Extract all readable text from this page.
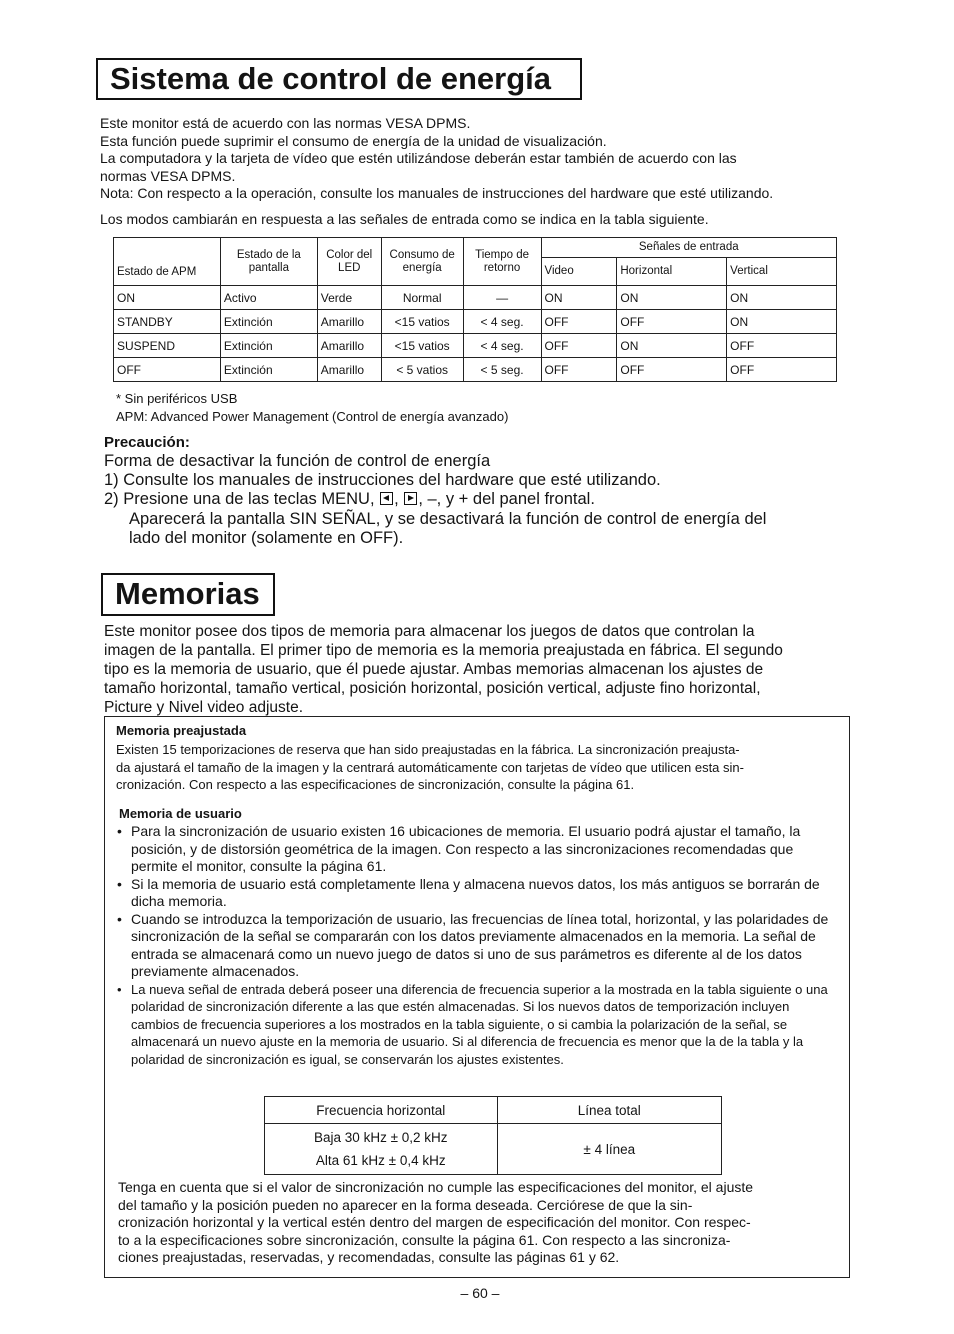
Sistema de control de energía
Este monitor está de acuerdo con las normas VESA DPMS.
Esta función puede suprimir el consumo de energía de la unidad de visualización.
La computadora y la tarjeta de vídeo que estén utilizándose deberán estar también de acuerdo con las
normas VESA DPMS.
Nota: Con respecto a la operación, consulte los manuales de instrucciones del hardware que esté utilizando.
Los modos cambiarán en respuesta a las señales de entrada como se indica en la tabla siguiente.
Estado de APM	Estado de la pantalla	Color del LED	Consumo de energía	Tiempo de retorno	Señales de entrada		
					Video	Horizontal	Vertical
ON	Activo	Verde	Normal	—	ON	ON	ON
STANDBY	Extinción	Amarillo	<15 vatios	< 4 seg.	OFF	OFF	ON
SUSPEND	Extinción	Amarillo	<15 vatios	< 4 seg.	OFF	ON	OFF
OFF	Extinción	Amarillo	< 5 vatios	< 5 seg.	OFF	OFF	OFF
* Sin periféricos USB
APM: Advanced Power Management (Control de energía avanzado)
Precaución:
Forma de desactivar la función de control de energía
1) Consulte los manuales de instrucciones del hardware que esté utilizando.
2) Presione una de las teclas MENU, , , –, y + del panel frontal.
Aparecerá la pantalla SIN SEÑAL, y se desactivará la función de control de energía del
lado del monitor (solamente en OFF).
Memorias
Este monitor posee dos tipos de memoria para almacenar los juegos de datos que controlan la
imagen de la pantalla. El primer tipo de memoria es la memoria preajustada en fábrica. El segundo
tipo es la memoria de usuario, que él puede ajustar. Ambas memorias almacenan los ajustes de
tamaño horizontal, tamaño vertical, posición horizontal, posición vertical, adjuste fino horizontal,
Picture y Nivel video adjuste.
Memoria preajustada
Existen 15 temporizaciones de reserva que han sido preajustadas en la fábrica. La sincronización preajusta-
da ajustará el tamaño de la imagen y la centrará automáticamente con tarjetas de vídeo que utilicen esta sin-
cronización. Con respecto a las especificaciones de sincronización, consulte la página 61.
Memoria de usuario
• Para la sincronización de usuario existen 16 ubicaciones de memoria. El usuario podrá ajustar el tamaño, la posición, y de distorsión geométrica de la imagen. Con respecto a las sincronizaciones recomendadas que permite el monitor, consulte la página 61.
• Si la memoria de usuario está completamente llena y almacena nuevos datos, los más antiguos se borrarán de dicha memoria.
• Cuando se introduzca la temporización de usuario, las frecuencias de línea total, horizontal, y las polaridades de sincronización de la señal se compararán con los datos previamente almacenados en la memoria. La señal de entrada se almacenará como un nuevo juego de datos si uno de sus parámetros es diferente al de los datos previamente almacenados.
• La nueva señal de entrada deberá poseer una diferencia de frecuencia superior a la mostrada en la tabla siguiente o una polaridad de sincronización diferente a las que estén almacenadas. Si los nuevos datos de temporización incluyen cambios de frecuencia superiores a los mostrados en la tabla siguiente, o si cambia la polarización de la señal, se almacenará un nuevo ajuste en la memoria de usuario. Si al diferencia de frecuencia es menor que la de la tabla y la polaridad de sincronización es igual, se conservarán los ajustes existentes.
Frecuencia horizontal	Línea total

Baja 30 kHz ± 0,2 kHz
Alta 61 kHz ± 0,4 kHz	± 4 línea
Tenga en cuenta que si el valor de sincronización no cumple las especificaciones del monitor, el ajuste
del tamaño y la posición pueden no aparecer en la forma deseada. Cerciórese de que la sin-
cronización horizontal y la vertical estén dentro del margen de especificación del monitor. Con respec-
to a la especificaciones sobre sincronización, consulte la página 61. Con respecto a las sincroniza-
ciones preajustadas, reservadas, y recomendadas, consulte las páginas 61 y 62.
– 60 –
